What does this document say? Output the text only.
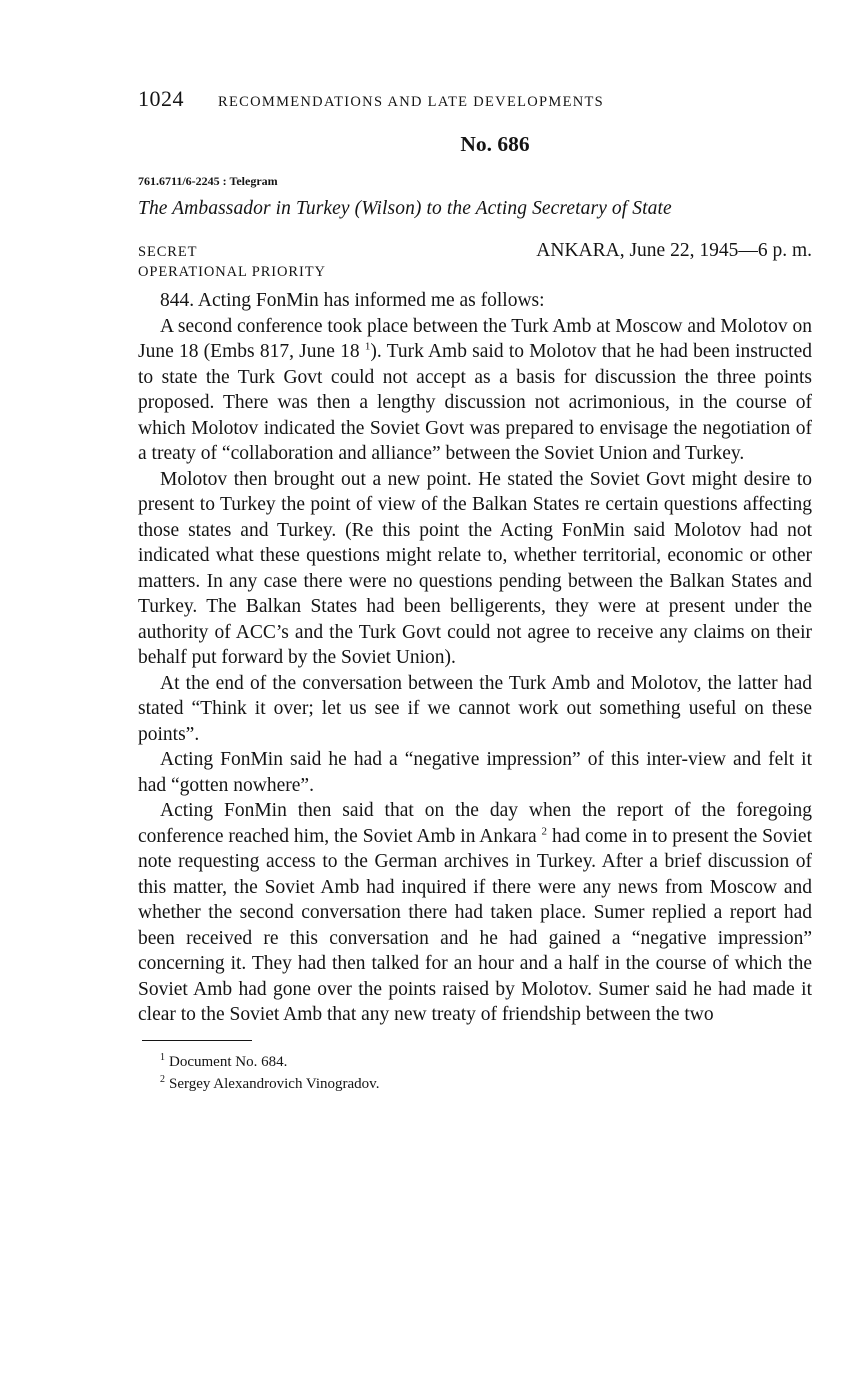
1024 RECOMMENDATIONS AND LATE DEVELOPMENTS
No. 686
761.6711/6-2245 : Telegram
The Ambassador in Turkey (Wilson) to the Acting Secretary of State
SECRET	ANKARA, June 22, 1945—6 p. m.
OPERATIONAL PRIORITY

844. Acting FonMin has informed me as follows:

A second conference took place between the Turk Amb at Moscow and Molotov on June 18 (Embs 817, June 18 $^1$). Turk Amb said to Molotov that he had been instructed to state the Turk Govt could not accept as a basis for discussion the three points proposed. There was then a lengthy discussion not acrimonious, in the course of which Molotov indicated the Soviet Govt was prepared to envisage the negotiation of a treaty of “collaboration and alliance” between the Soviet Union and Turkey.

Molotov then brought out a new point. He stated the Soviet Govt might desire to present to Turkey the point of view of the Balkan States re certain questions affecting those states and Turkey. (Re this point the Acting FonMin said Molotov had not indicated what these questions might relate to, whether territorial, economic or other matters. In any case there were no questions pending between the Balkan States and Turkey. The Balkan States had been belligerents, they were at present under the authority of ACC’s and the Turk Govt could not agree to receive any claims on their behalf put forward by the Soviet Union).

At the end of the conversation between the Turk Amb and Molotov, the latter had stated “Think it over; let us see if we cannot work out something useful on these points”.

Acting FonMin said he had a “negative impression” of this inter-view and felt it had “gotten nowhere”.

Acting FonMin then said that on the day when the report of the foregoing conference reached him, the Soviet Amb in Ankara $^2$ had come in to present the Soviet note requesting access to the German archives in Turkey. After a brief discussion of this matter, the Soviet Amb had inquired if there were any news from Moscow and whether the second conversation there had taken place. Sumer replied a report had been received re this conversation and he had gained a “negative impression” concerning it. They had then talked for an hour and a half in the course of which the Soviet Amb had gone over the points raised by Molotov. Sumer said he had made it clear to the Soviet Amb that any new treaty of friendship between the two

$^1$ Document No. 684.
$^2$ Sergey Alexandrovich Vinogradov.
